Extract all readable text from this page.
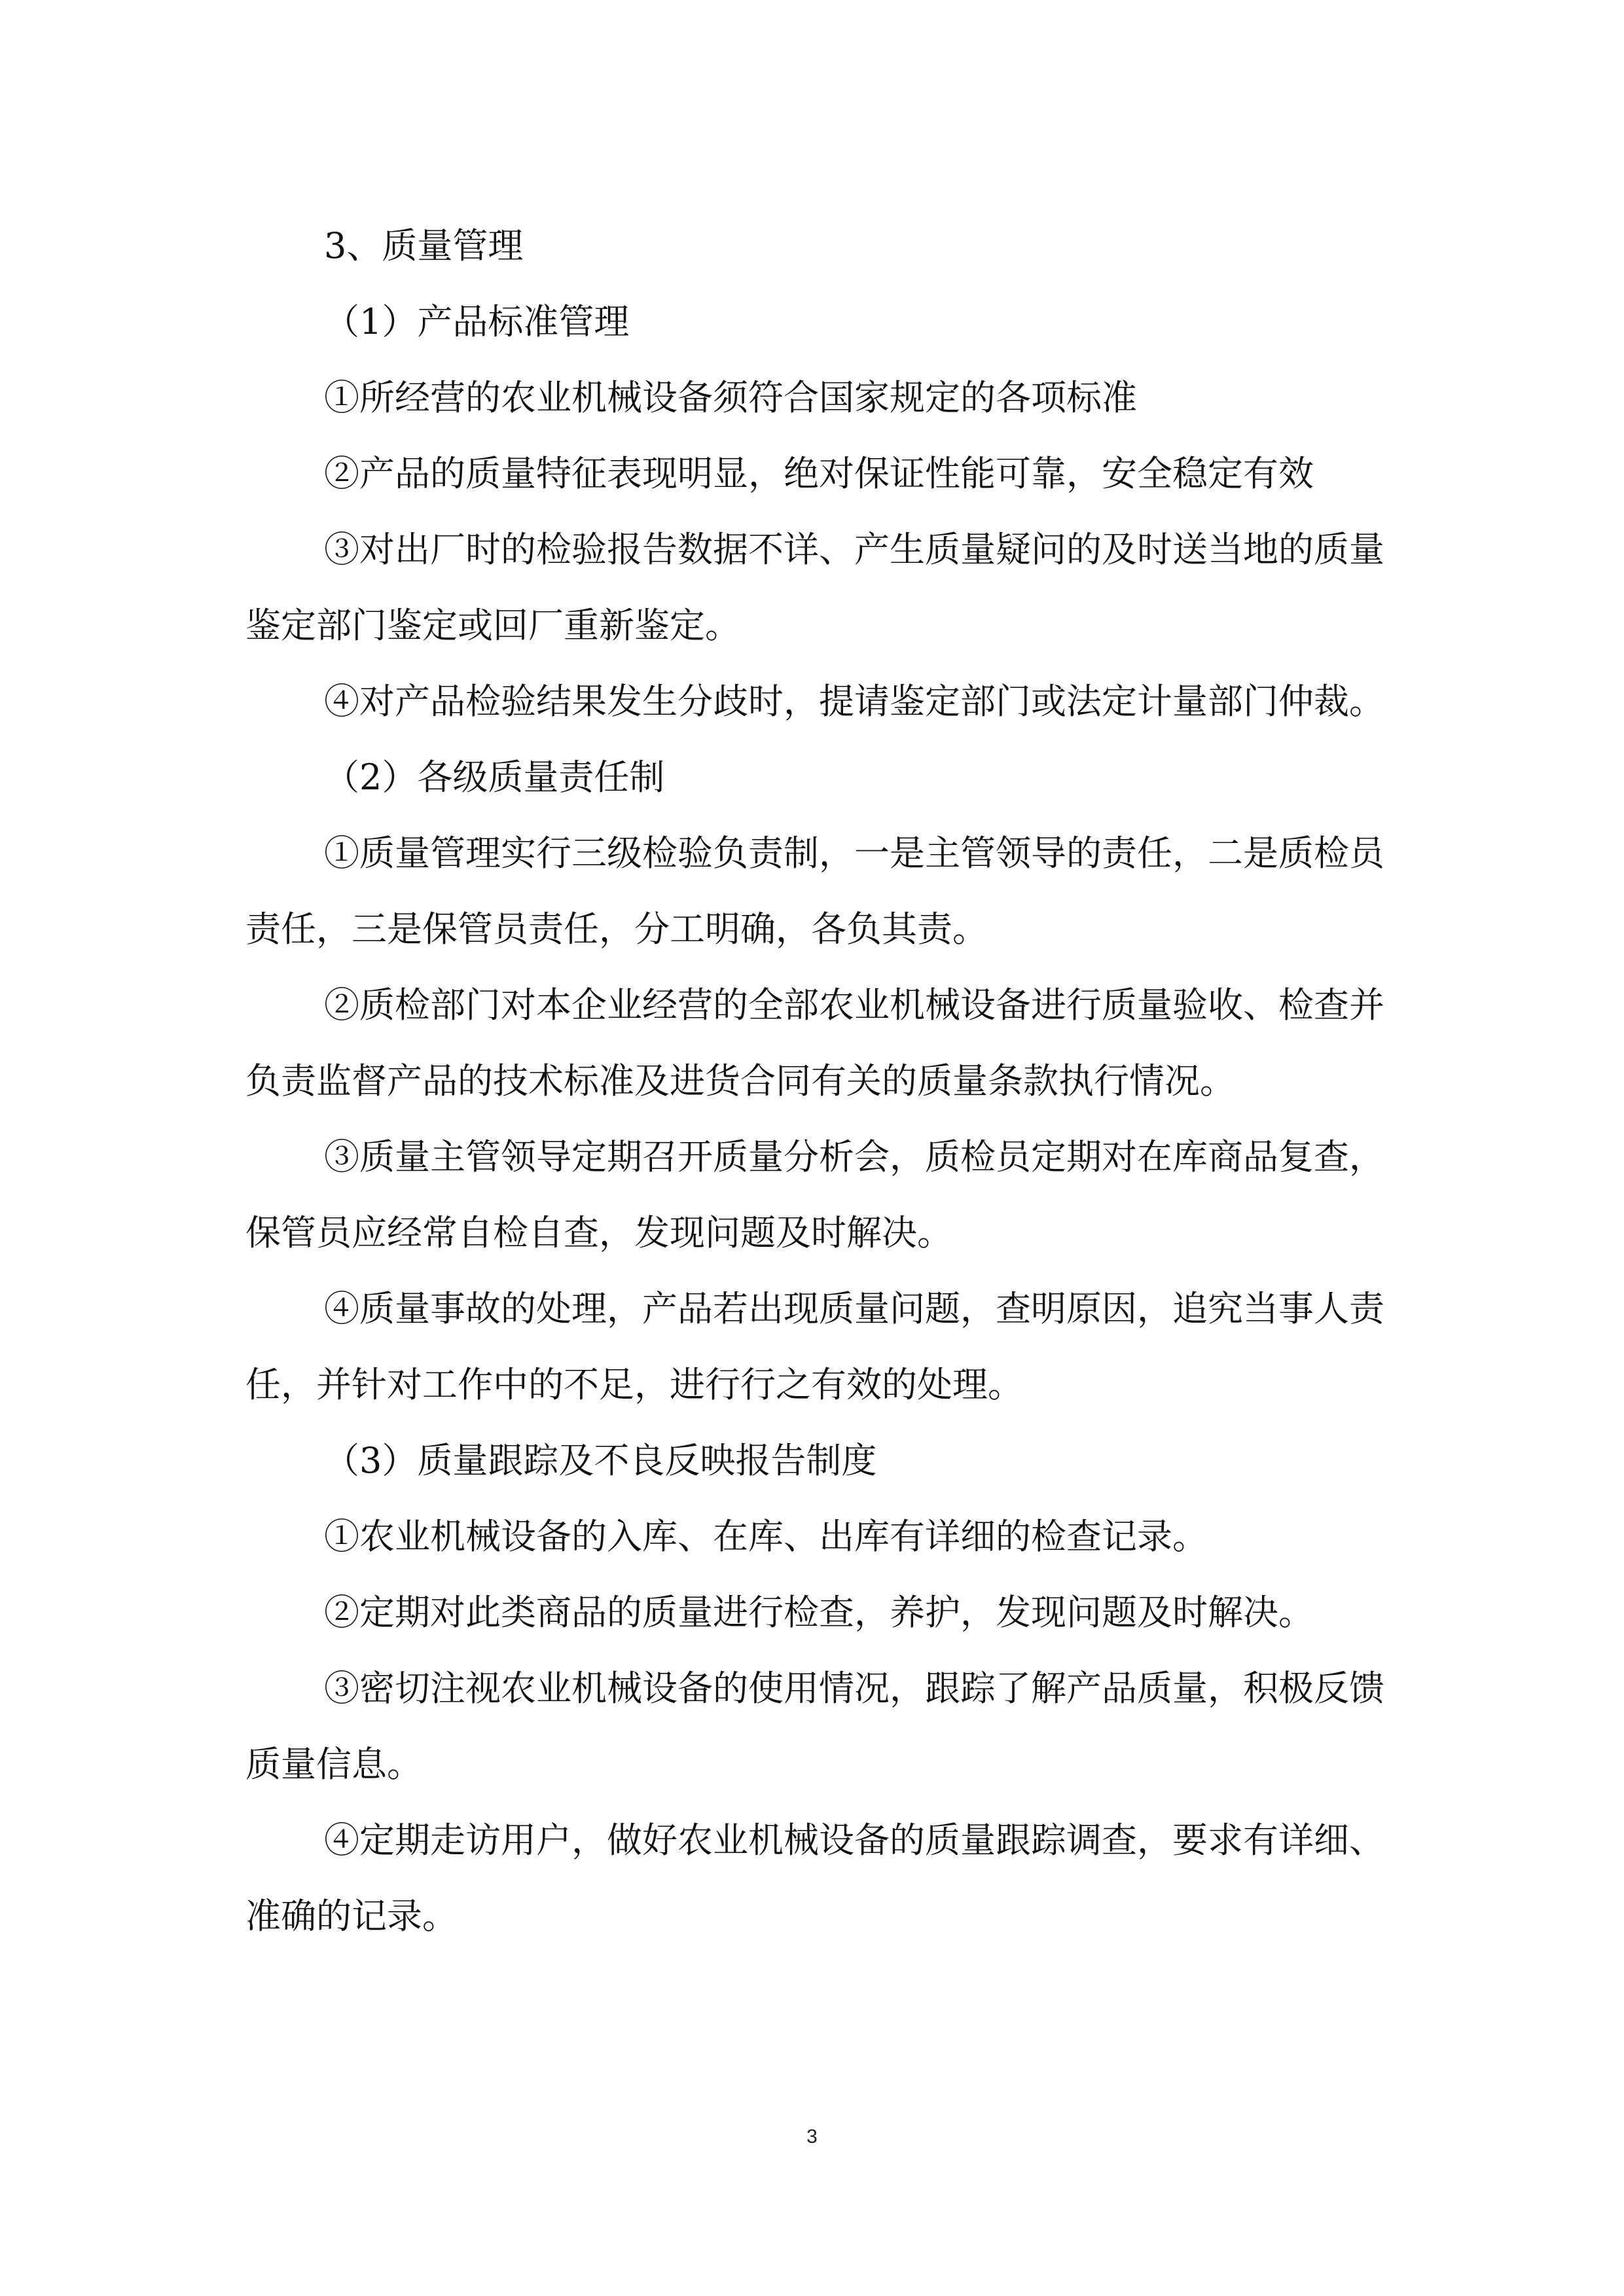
3、质量管理

（1）产品标准管理

①所经营的农业机械设备须符合国家规定的各项标准

②产品的质量特征表现明显，绝对保证性能可靠，安全稳定有效

③对出厂时的检验报告数据不详、产生质量疑问的及时送当地的质量鉴定部门鉴定或回厂重新鉴定。

④对产品检验结果发生分歧时，提请鉴定部门或法定计量部门仲裁。

（2）各级质量责任制

①质量管理实行三级检验负责制，一是主管领导的责任，二是质检员责任，三是保管员责任，分工明确，各负其责。

②质检部门对本企业经营的全部农业机械设备进行质量验收、检查并负责监督产品的技术标准及进货合同有关的质量条款执行情况。

③质量主管领导定期召开质量分析会，质检员定期对在库商品复查，保管员应经常自检自查，发现问题及时解决。

④质量事故的处理，产品若出现质量问题，查明原因，追究当事人责任，并针对工作中的不足，进行行之有效的处理。

（3）质量跟踪及不良反映报告制度

①农业机械设备的入库、在库、出库有详细的检查记录。

②定期对此类商品的质量进行检查，养护，发现问题及时解决。

③密切注视农业机械设备的使用情况，跟踪了解产品质量，积极反馈质量信息。

④定期走访用户，做好农业机械设备的质量跟踪调查，要求有详细、准确的记录。

3
